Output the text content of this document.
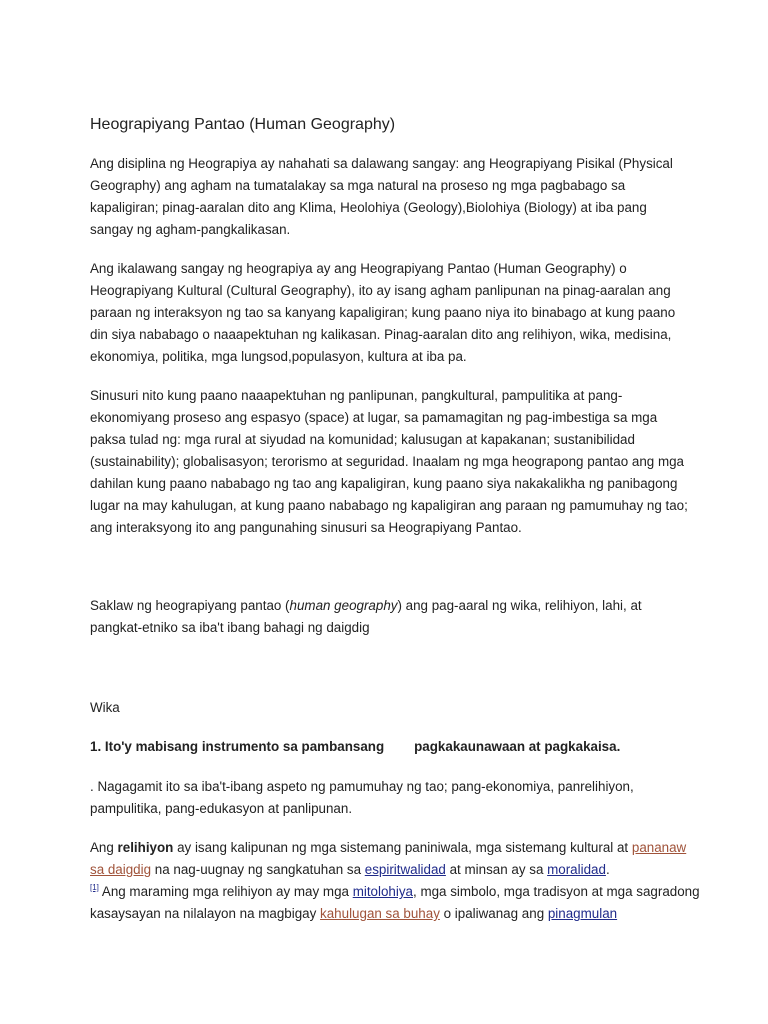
Heograpiyang Pantao (Human Geography)

Ang disiplina ng Heograpiya ay nahahati sa dalawang sangay: ang Heograpiyang Pisikal (Physical Geography) ang agham na tumatalakay sa mga natural na proseso ng mga pagbabago sa kapaligiran; pinag-aaralan dito ang Klima, Heolohiya (Geology),Biolohiya (Biology) at iba pang sangay ng agham-pangkalikasan.

Ang ikalawang sangay ng heograpiya ay ang Heograpiyang Pantao (Human Geography) o Heograpiyang Kultural (Cultural Geography), ito ay isang agham panlipunan na pinag-aaralan ang paraan ng interaksyon ng tao sa kanyang kapaligiran; kung paano niya ito binabago at kung paano din siya nababago o naaapektuhan ng kalikasan. Pinag-aaralan dito ang relihiyon, wika, medisina, ekonomiya, politika, mga lungsod,populasyon, kultura at iba pa.

Sinusuri nito kung paano naaapektuhan ng panlipunan, pangkultural, pampulitika at pang-ekonomiyang proseso ang espasyo (space) at lugar, sa pamamagitan ng pag-imbestiga sa mga paksa tulad ng: mga rural at siyudad na komunidad; kalusugan at kapakanan; sustanibilidad (sustainability); globalisasyon; terorismo at seguridad. Inaalam ng mga heograpong pantao ang mga dahilan kung paano nababago ng tao ang kapaligiran, kung paano siya nakakalikha ng panibagong lugar na may kahulugan, at kung paano nababago ng kapaligiran ang paraan ng pamumuhay ng tao; ang interaksyong ito ang pangunahing sinusuri sa Heograpiyang Pantao.

Saklaw ng heograpiyang pantao (human geography) ang pag-aaral ng wika, relihiyon, lahi, at pangkat-etniko sa iba't ibang bahagi ng daigdig

Wika

1. Ito'y mabisang instrumento sa pambansang pagkakaunawaan at pagkakaisa.

. Nagagamit ito sa iba't-ibang aspeto ng pamumuhay ng tao; pang-ekonomiya, panrelihiyon, pampulitika, pang-edukasyon at panlipunan.

Ang relihiyon ay isang kalipunan ng mga sistemang paniniwala, mga sistemang kultural at pananaw sa daigdig na nag-uugnay ng sangkatuhan sa espiritwalidad at minsan ay sa moralidad.
[1] Ang maraming mga relihiyon ay may mga mitolohiya, mga simbolo, mga tradisyon at mga sagradong kasaysayan na nilalayon na magbigay kahulugan sa buhay o ipaliwanag ang pinagmulan
